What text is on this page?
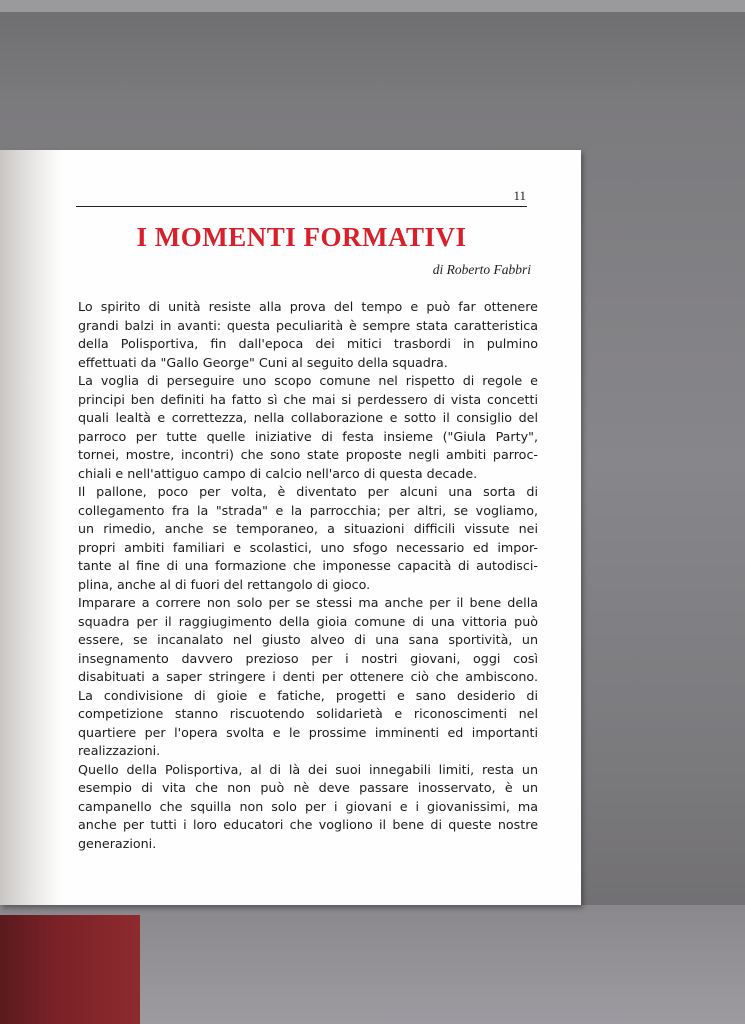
11
I MOMENTI FORMATIVI
di Roberto Fabbri
Lo spirito di unità resiste alla prova del tempo e può far ottenere
grandi balzi in avanti: questa peculiarità è sempre stata caratteristica
della Polisportiva, fin dall'epoca dei mitici trasbordi in pulmino
effettuati da "Gallo George" Cuni al seguito della squadra.
La voglia di perseguire uno scopo comune nel rispetto di regole e
principi ben definiti ha fatto sì che mai si perdessero di vista concetti
quali lealtà e correttezza, nella collaborazione e sotto il consiglio del
parroco per tutte quelle iniziative di festa insieme ("Giula Party",
tornei, mostre, incontri) che sono state proposte negli ambiti parroc-
chiali e nell'attiguo campo di calcio nell'arco di questa decade.
Il pallone, poco per volta, è diventato per alcuni una sorta di
collegamento fra la "strada" e la parrocchia; per altri, se vogliamo,
un rimedio, anche se temporaneo, a situazioni difficili vissute nei
propri ambiti familiari e scolastici, uno sfogo necessario ed impor-
tante al fine di una formazione che imponesse capacità di autodisci-
plina, anche al di fuori del rettangolo di gioco.
Imparare a correre non solo per se stessi ma anche per il bene della
squadra per il raggiugimento della gioia comune di una vittoria può
essere, se incanalato nel giusto alveo di una sana sportività, un
insegnamento davvero prezioso per i nostri giovani, oggi così
disabituati a saper stringere i denti per ottenere ciò che ambiscono.
La condivisione di gioie e fatiche, progetti e sano desiderio di
competizione stanno riscuotendo solidarietà e riconoscimenti nel
quartiere per l'opera svolta e le prossime imminenti ed importanti
realizzazioni.
Quello della Polisportiva, al di là dei suoi innegabili limiti, resta un
esempio di vita che non può nè deve passare inosservato, è un
campanello che squilla non solo per i giovani e i giovanissimi, ma
anche per tutti i loro educatori che vogliono il bene di queste nostre
generazioni.
